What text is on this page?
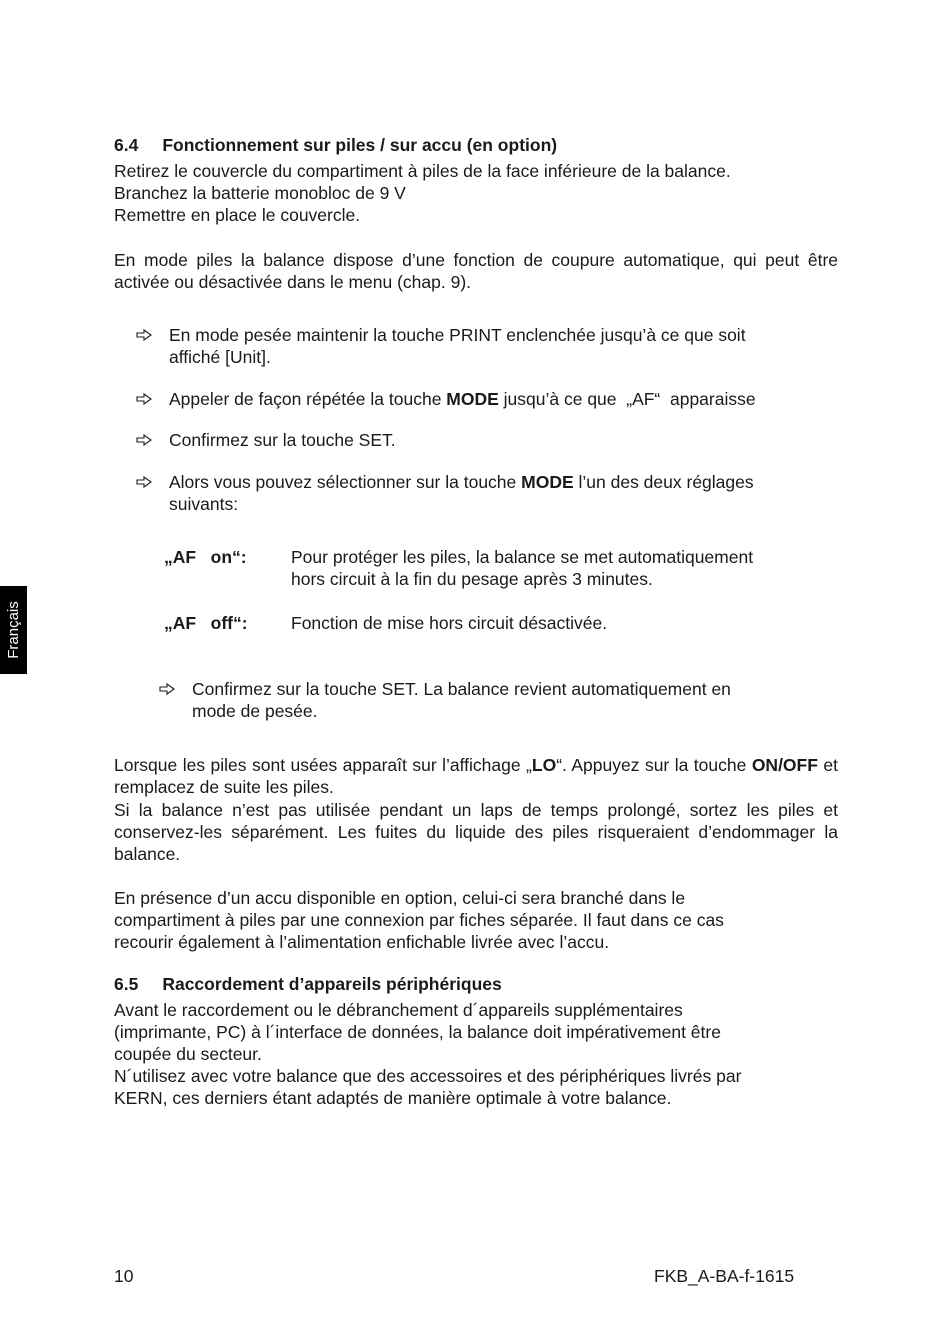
6.4 Fonctionnement sur piles / sur accu (en option)
Retirez le couvercle du compartiment à piles de la face inférieure de la balance.
Branchez la batterie monobloc de 9 V
Remettre en place le couvercle.
En mode piles la balance dispose d’une fonction de coupure automatique, qui peut être activée ou désactivée dans le menu (chap. 9).
En mode pesée maintenir la touche PRINT enclenchée jusqu’à ce que soit
affiché [Unit].
Appeler de façon répétée la touche MODE jusqu’à ce que  „AF“  apparaisse
Confirmez sur la touche SET.
Alors vous pouvez sélectionner sur la touche MODE l’un des deux réglages
suivants:
„AF   on“:	Pour protéger les piles, la balance se met automatiquement
hors circuit à la fin du pesage après 3 minutes.
„AF   off“: Fonction de mise hors circuit désactivée.
Confirmez sur la touche SET. La balance revient automatiquement en
mode de pesée.
Lorsque les piles sont usées apparaît sur l’affichage „LO“. Appuyez sur la touche ON/OFF et remplacez de suite les piles.
Si la balance n’est pas utilisée pendant un laps de temps prolongé, sortez les piles et conservez-les séparément. Les fuites du liquide des piles risqueraient d’endommager la balance.
En présence d’un accu disponible en option, celui-ci sera branché dans le
compartiment à piles par une connexion par fiches séparée. Il faut dans ce cas
recourir également à l’alimentation enfichable livrée avec l’accu.
6.5 Raccordement d’appareils périphériques
Avant le raccordement ou le débranchement d´appareils supplémentaires
(imprimante, PC) à l´interface de données, la balance doit impérativement être
coupée du secteur.
N´utilisez avec votre balance que des accessoires et des périphériques livrés par
KERN, ces derniers étant adaptés de manière optimale à votre balance.
Français
10	FKB_A-BA-f-1615
